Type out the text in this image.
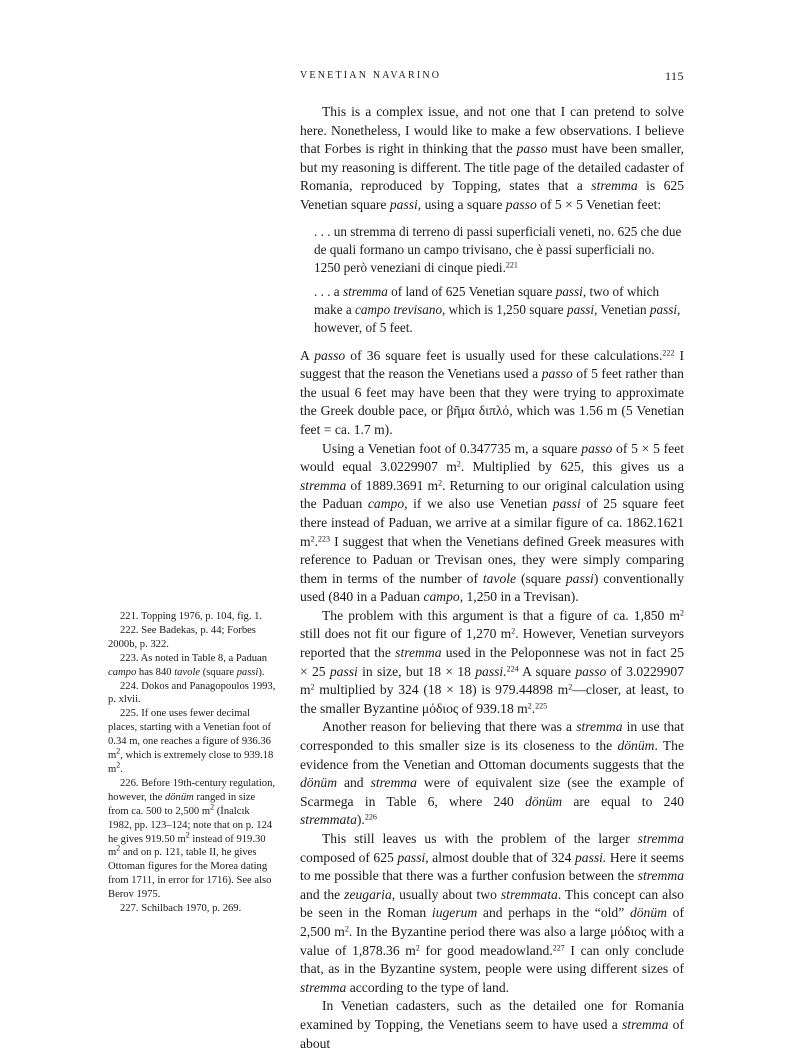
VENETIAN NAVARINO	115

This is a complex issue, and not one that I can pretend to solve here. Nonetheless, I would like to make a few observations. I believe that Forbes is right in thinking that the passo must have been smaller, but my reasoning is different. The title page of the detailed cadaster of Romania, reproduced by Topping, states that a stremma is 625 Venetian square passi, using a square passo of 5 × 5 Venetian feet:

. . . un stremma di terreno di passi superficiali veneti, no. 625 che due de quali formano un campo trivisano, che è passi superficiali no. 1250 però veneziani di cinque piedi.$^{221}$

. . . a stremma of land of 625 Venetian square passi, two of which make a campo trevisano, which is 1,250 square passi, Venetian passi, however, of 5 feet.

A passo of 36 square feet is usually used for these calculations.$^{222}$ I suggest that the reason the Venetians used a passo of 5 feet rather than the usual 6 feet may have been that they were trying to approximate the Greek double pace, or βῆμα διπλό, which was 1.56 m (5 Venetian feet = ca. 1.7 m).

Using a Venetian foot of 0.347735 m, a square passo of 5 × 5 feet would equal 3.0229907 $m^2$. Multiplied by 625, this gives us a stremma of 1889.3691 $m^2$. Returning to our original calculation using the Paduan campo, if we also use Venetian passi of 25 square feet there instead of Paduan, we arrive at a similar figure of ca. 1862.1621 $m^2.^{223}$ I suggest that when the Venetians defined Greek measures with reference to Paduan or Trevisan ones, they were simply comparing them in terms of the number of tavole (square passi) conventionally used (840 in a Paduan campo, 1,250 in a Trevisan).

The problem with this argument is that a figure of ca. 1,850 $m^2$ still does not fit our figure of 1,270 $m^2$. However, Venetian surveyors reported that the stremma used in the Peloponnese was not in fact 25 × 25 passi in size, but 18 × 18 passi.$^{224}$ A square passo of 3.0229907 $m^2$ multiplied by 324 (18 × 18) is 979.44898 $m^2—closer$, at least, to the smaller Byzantine μόδιος of 939.18 $m^2.^{225}$

Another reason for believing that there was a stremma in use that corresponded to this smaller size is its closeness to the dönüm. The evidence from the Venetian and Ottoman documents suggests that the dönüm and stremma were of equivalent size (see the example of Scarmega in Table 6, where 240 dönüm are equal to 240 stremmata).$^{226}$

This still leaves us with the problem of the larger stremma composed of 625 passi, almost double that of 324 passi. Here it seems to me possible that there was a further confusion between the stremma and the zeugaria, usually about two stremmata. This concept can also be seen in the Roman iugerum and perhaps in the “old” dönüm of 2,500 $m^2$. In the Byzantine period there was also a large μόδιος with a value of 1,878.36 $m^2$ for good meadowland.$^{227}$ I can only conclude that, as in the Byzantine system, people were using different sizes of stremma according to the type of land.

In Venetian cadasters, such as the detailed one for Romania examined by Topping, the Venetians seem to have used a stremma of about

221. Topping 1976, p. 104, fig. 1.

222. See Badekas, p. 44; Forbes 2000b, p. 322.

223. As noted in Table 8, a Paduan campo has 840 tavole (square passi).

224. Dokos and Panagopoulos 1993, p. xlvii.

225. If one uses fewer decimal places, starting with a Venetian foot of 0.34 m, one reaches a figure of 936.36 $m^2$, which is extremely close to 939.18 $m^2$.

226. Before 19th-century regulation, however, the dönüm ranged in size from ca. 500 to 2,500 $m^2$ (İnalcık 1982, pp. 123–124; note that on p. 124 he gives 919.50 $m^2$ instead of 919.30 $m^2$ and on p. 121, table II, he gives Ottoman figures for the Morea dating from 1711, in error for 1716). See also Berov 1975.

227. Schilbach 1970, p. 269.
